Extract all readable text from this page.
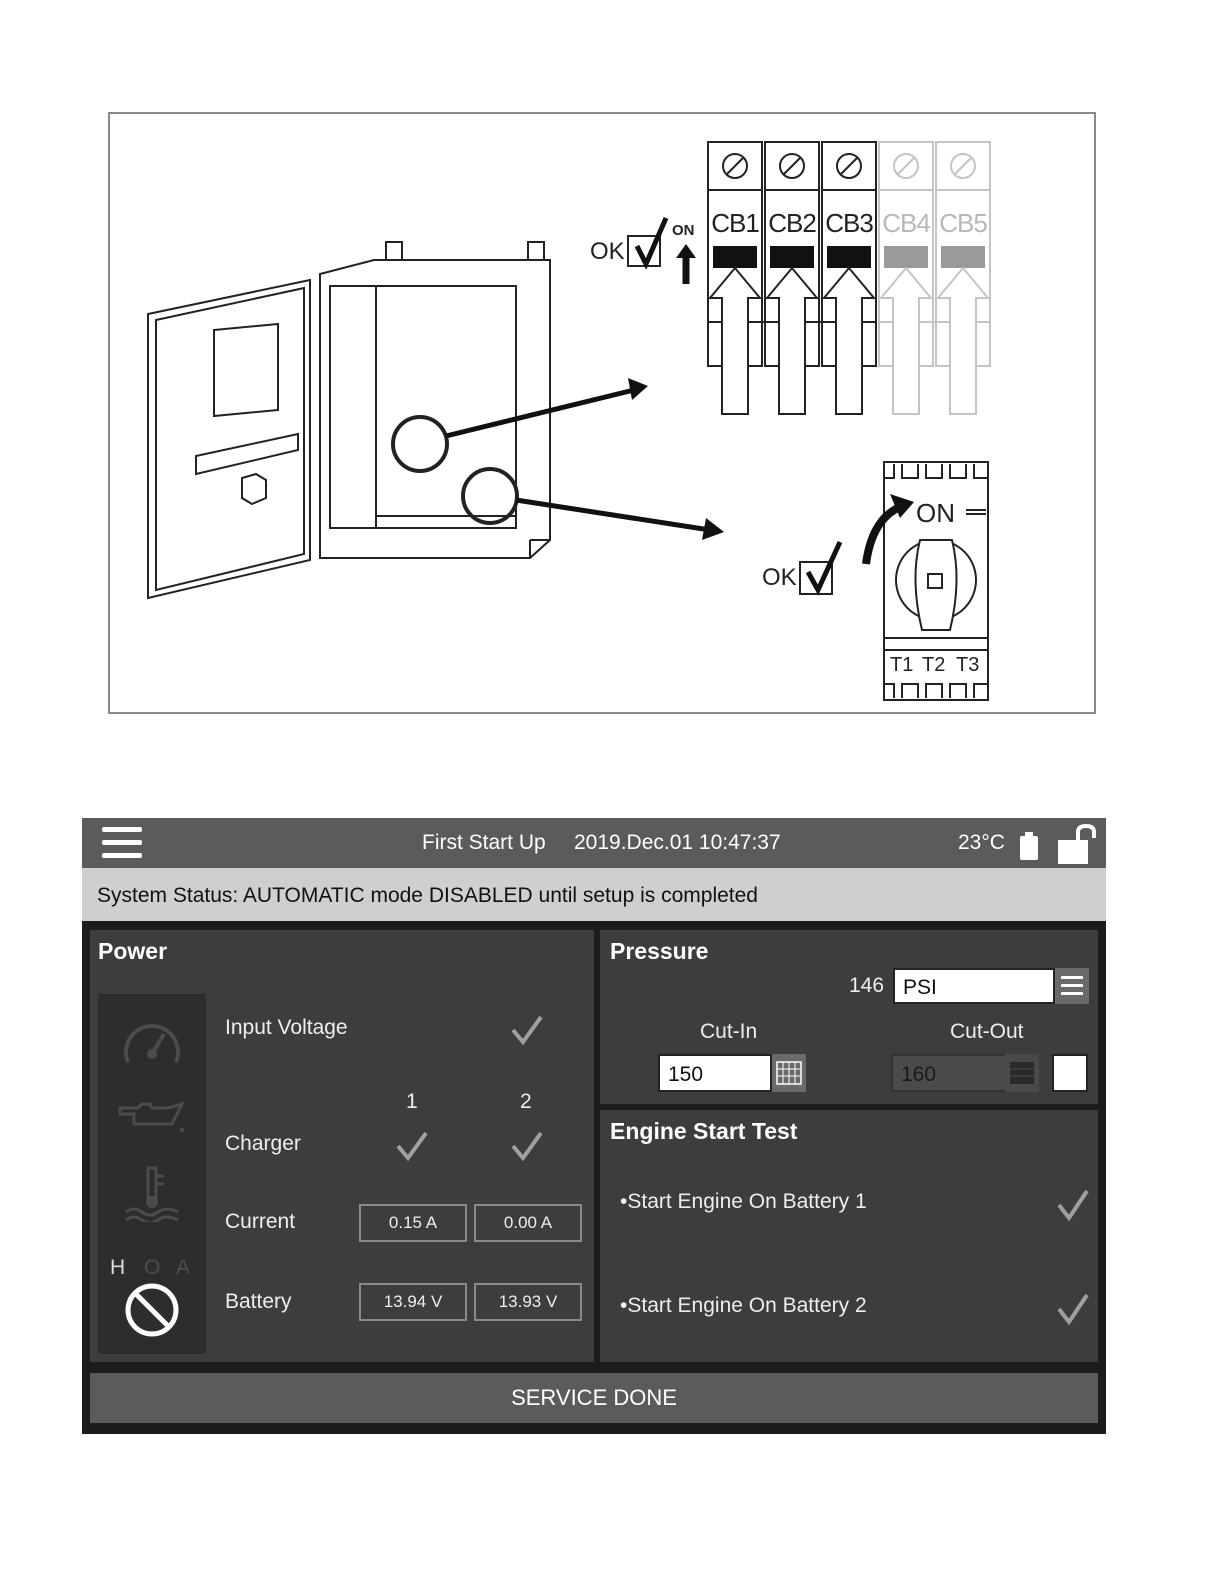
OK
ON CB1 CB2 CB3 CB4 CB5
OK
ON
T1 T2 T3
First Start Up 2019.Dec.01 10:47:37	23°C
System Status: AUTOMATIC mode DISABLED until setup is completed
Power
H O A
Input Voltage
1	2
Charger
Current	0.15 A	0.00 A
Battery	13.94 V	13.93 V
Pressure
146 PSI
Cut-In	Cut-Out
150	160
Engine Start Test
•Start Engine On Battery 1
•Start Engine On Battery 2
SERVICE DONE
